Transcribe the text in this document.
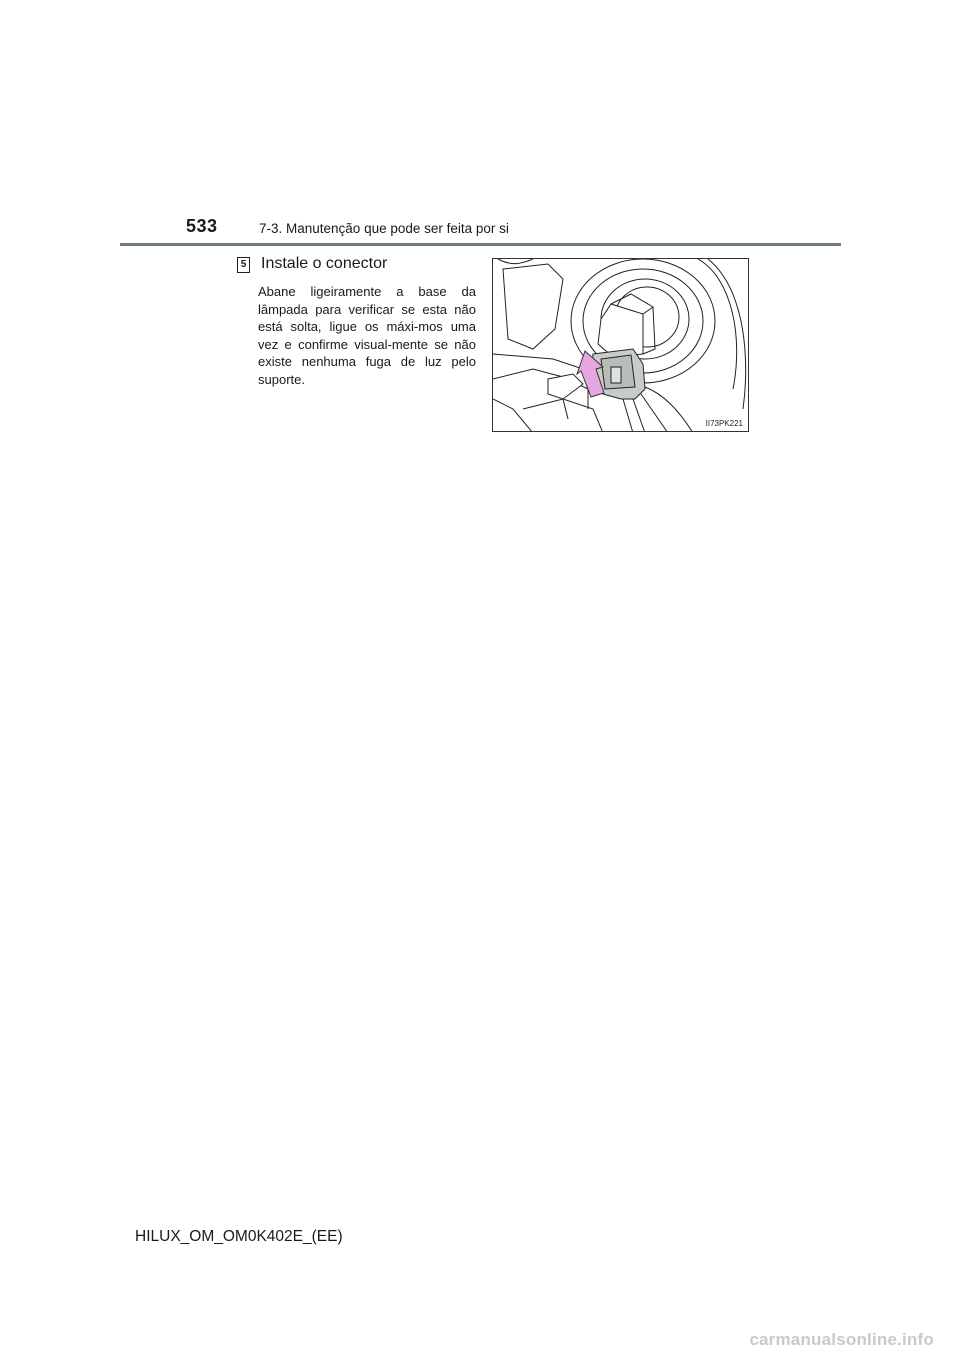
533	7-3. Manutenção que pode ser feita por si
5 Instale o conector

Abane ligeiramente a base da lâmpada para verificar se esta não está solta, ligue os máxi-mos uma vez e confirme visual-mente se não existe nenhuma fuga de luz pelo suporte.

II73PK221
HILUX_OM_OM0K402E_(EE)
carmanualsonline.info
